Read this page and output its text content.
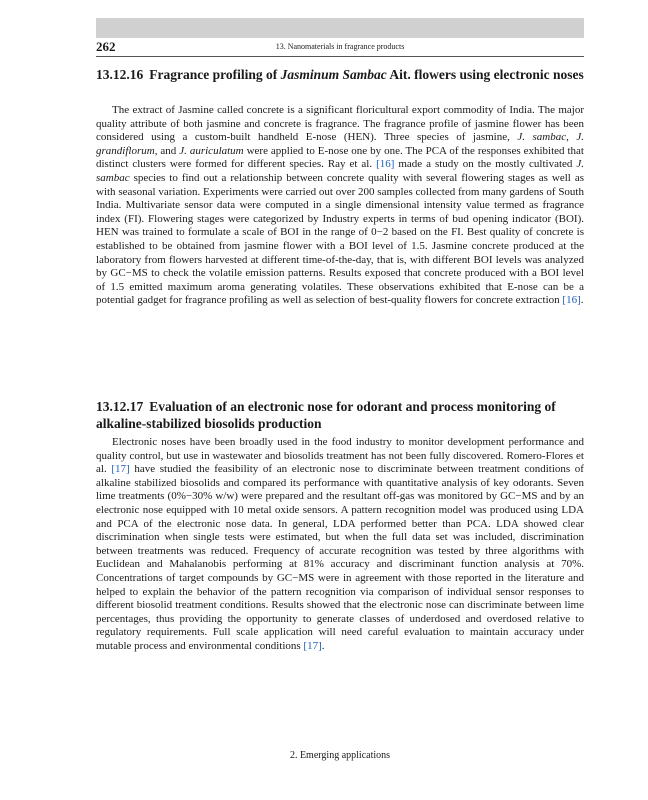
262	13. Nanomaterials in fragrance products
13.12.16 Fragrance profiling of Jasminum Sambac Ait. flowers using electronic noses

The extract of Jasmine called concrete is a significant floricultural export commodity of India. The major quality attribute of both jasmine and concrete is fragrance. The fragrance profile of jasmine flower has been considered using a custom-built handheld E-nose (HEN). Three species of jasmine, J. sambac, J. grandiflorum, and J. auriculatum were applied to E-nose one by one. The PCA of the responses exhibited that distinct clusters were formed for different species. Ray et al. [16] made a study on the mostly cultivated J. sambac species to find out a relationship between concrete quality with several flowering stages as well as with seasonal variation. Experiments were carried out over 200 samples collected from many gardens of South India. Multivariate sensor data were computed in a single dimensional intensity value termed as fragrance index (FI). Flowering stages were categorized by Industry experts in terms of bud opening indicator (BOI). HEN was trained to formulate a scale of BOI in the range of 0−2 based on the FI. Best quality of concrete is established to be obtained from jasmine flower with a BOI level of 1.5. Jasmine concrete produced at the laboratory from flowers harvested at different time-of-the-day, that is, with different BOI levels was analyzed by GC−MS to check the volatile emission patterns. Results exposed that concrete produced with a BOI level of 1.5 emitted maximum aroma generating volatiles. These observations exhibited that E-nose can be a potential gadget for fragrance profiling as well as selection of best-quality flowers for concrete extraction [16].

13.12.17 Evaluation of an electronic nose for odorant and process monitoring of alkaline-stabilized biosolids production

Electronic noses have been broadly used in the food industry to monitor development performance and quality control, but use in wastewater and biosolids treatment has not been fully discovered. Romero-Flores et al. [17] have studied the feasibility of an electronic nose to discriminate between treatment conditions of alkaline stabilized biosolids and compared its performance with quantitative analysis of key odorants. Seven lime treatments (0%−30% w/w) were prepared and the resultant off-gas was monitored by GC−MS and by an electronic nose equipped with 10 metal oxide sensors. A pattern recognition model was produced using LDA and PCA of the electronic nose data. In general, LDA performed better than PCA. LDA showed clear discrimination when single tests were estimated, but when the full data set was included, discrimination between treatments was reduced. Frequency of accurate recognition was tested by three algorithms with Euclidean and Mahalanobis performing at 81% accuracy and discriminant function analysis at 70%. Concentrations of target compounds by GC−MS were in agreement with those reported in the literature and helped to explain the behavior of the pattern recognition via comparison of individual sensor responses to different biosolid treatment conditions. Results showed that the electronic nose can discriminate between lime percentages, thus providing the opportunity to generate classes of underdosed and overdosed relative to regulatory requirements. Full scale application will need careful evaluation to maintain accuracy under mutable process and environmental conditions [17].

2. Emerging applications
